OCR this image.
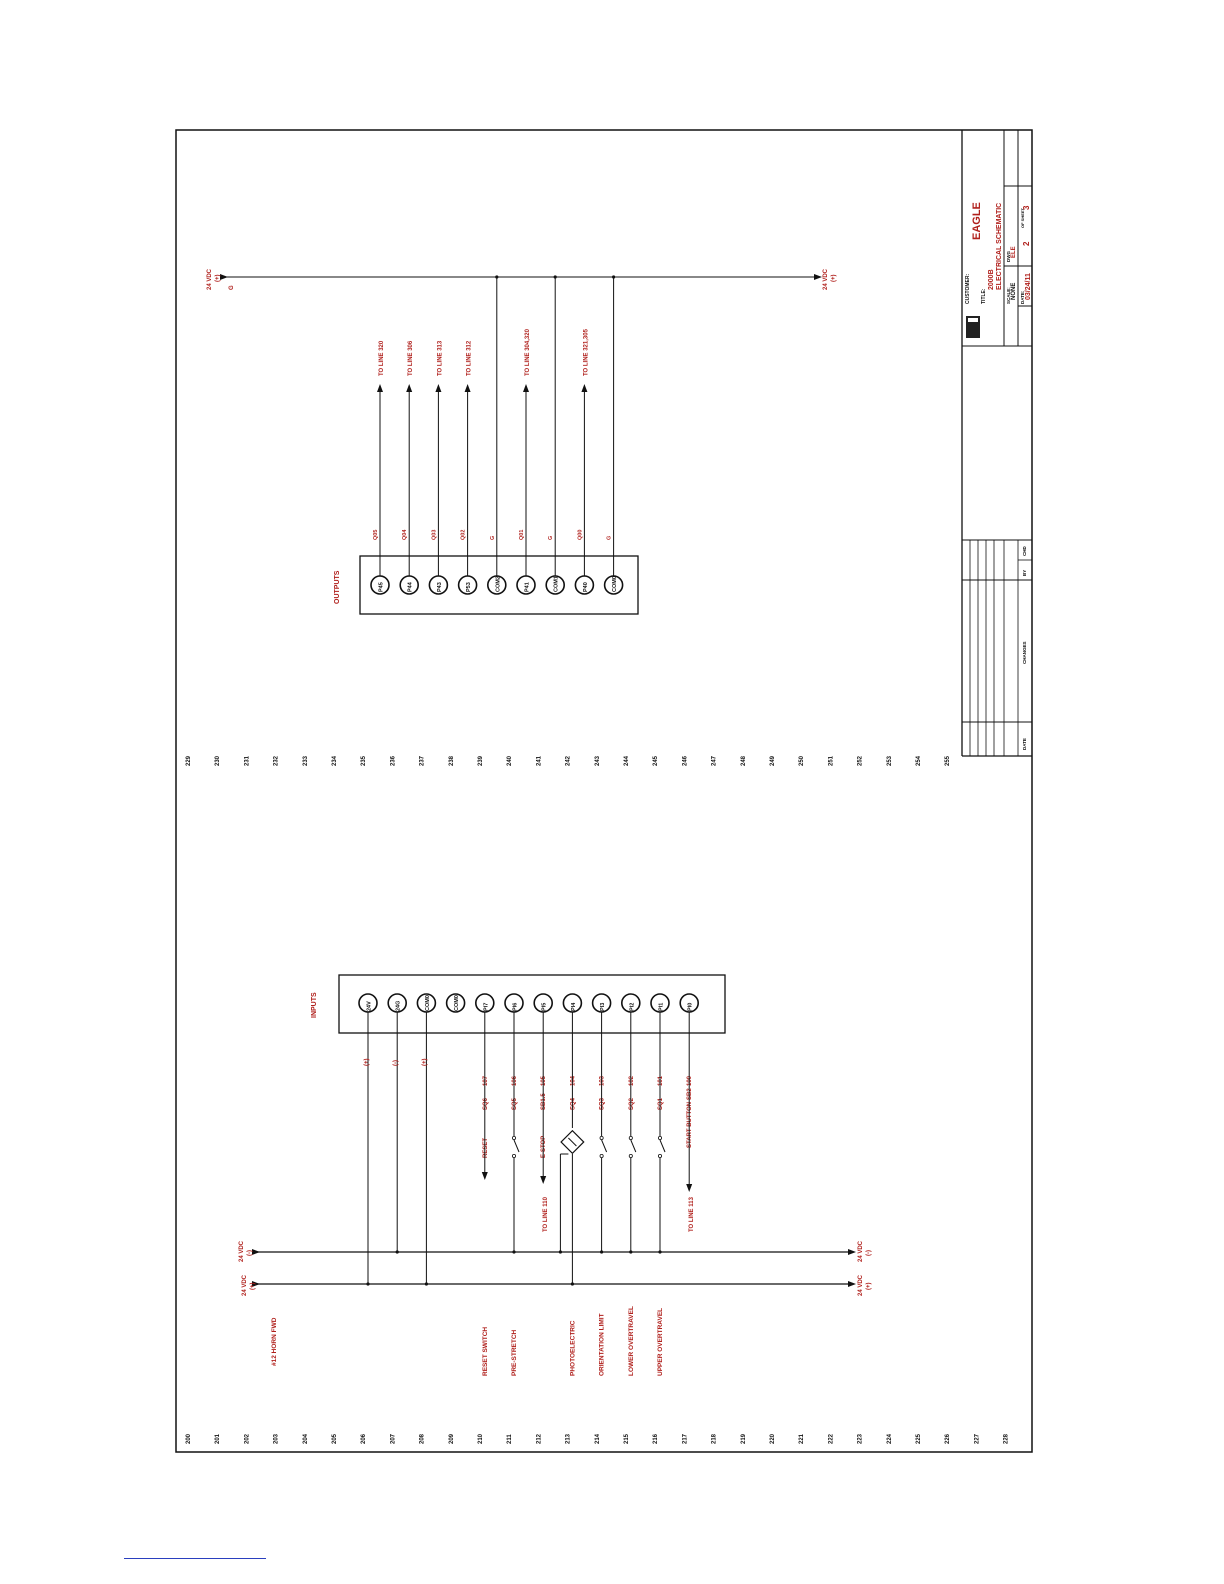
200	201	202	203	204	205	206	207	208	209	210	211	212	213	214	215	216	217	218	219	220	221	222	223	224	225	226	227	228
229	230	231	232	233	234	235	236	237	238	239	240	241	242	243	244	245	246	247	248	249	250	251	252	253	254	255
24 VDC (+)
G	24 VDC (+)
OUTPUTS	P45
Q05
TO LINE 320
P44
Q04
TO LINE 306
P43
Q03
TO LINE 313
P53
Q02
TO LINE 312
COM2
G
P41
Q01
TO LINE 304,320
COM1
G
P40
Q00
TO LINE 321,305
COM0
G
24 VDC (-)
24 VDC (+)
24 VDC (-)
24 VDC (+)
#12 HORN FWD
INPUTS	24V	24G	COM0	COM0	PI7	PI6	PI5	PI4	PI3	PI2	PI1	PI0
RESET
SQ6
107
RESET SWITCH
SQ5
106
PRE-STRETCH
E-STOP
SB1.5
105
SQ4
104
PHOTOELECTRIC
SQ3
103
ORIENTATION LIMIT
SQ2
102
LOWER OVERTRAVEL
SQ1
101
UPPER OVERTRAVEL
START BUTTON
SB2
100
(+)	(-)	(+)
TO LINE 110	TO LINE 113
EAGLE
CUSTOMER: TITLE:
2000B ELECTRICAL SCHEMATIC
SCALE: NONE
DWG ELE
DATE: 03/24/11
2
OF SHEET
3
DATE
CHANGES
BY
CHD
